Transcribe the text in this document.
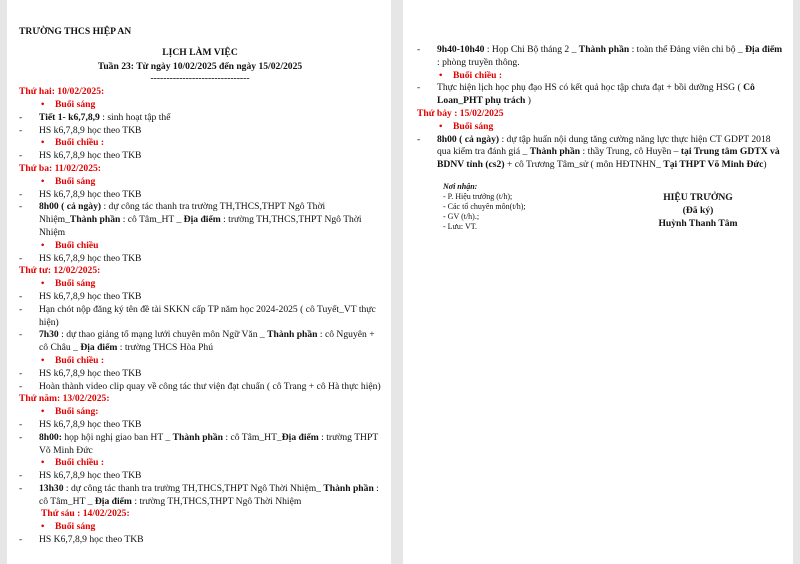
TRƯỜNG THCS HIỆP AN
LỊCH LÀM VIỆC
Tuần 23: Từ ngày 10/02/2025 đến ngày 15/02/2025
-------------------------------
Thứ hai: 10/02/2025:
• Buổi sáng
- Tiết 1- k6,7,8,9 : sinh hoạt tập thể
- HS k6,7,8,9 học theo TKB
• Buổi chiều :
- HS k6,7,8,9 học theo TKB
Thứ ba: 11/02/2025:
• Buổi sáng
- HS k6,7,8,9 học theo TKB
- 8h00 ( cả ngày) : dự công tác thanh tra trường TH,THCS,THPT Ngô Thời Nhiệm_Thành phần : cô Tâm_HT _ Địa điểm : trường TH,THCS,THPT Ngô Thời Nhiệm
• Buổi chiều
- HS k6,7,8,9 học theo TKB
Thứ tư: 12/02/2025:
• Buổi sáng
- HS k6,7,8,9 học theo TKB
- Hạn chót nộp đăng ký tên đề tài SKKN cấp TP năm học 2024-2025 ( cô Tuyết_VT thực hiện)
- 7h30 : dự thao giảng tổ mạng lưới chuyên môn Ngữ Văn _ Thành phần : cô Nguyên + cô Châu _ Địa điểm : trường THCS Hòa Phú
• Buổi chiều :
- HS k6,7,8,9 học theo TKB
- Hoàn thành video clip quay về công tác thư viện đạt chuẩn ( cô Trang + cô Hà thực hiện)
Thứ năm: 13/02/2025:
• Buổi sáng:
- HS k6,7,8,9 học theo TKB
- 8h00: họp hội nghị giao ban HT _ Thành phần : cô Tâm_HT_Địa điểm : trường THPT Võ Minh Đức
• Buổi chiều :
- HS k6,7,8,9 học theo TKB
- 13h30 : dự công tác thanh tra trường TH,THCS,THPT Ngô Thời Nhiệm_ Thành phần : cô Tâm_HT _ Địa điểm : trường TH,THCS,THPT Ngô Thời Nhiệm
Thứ sáu : 14/02/2025:
• Buổi sáng
- HS K6,7,8,9 học theo TKB
- 9h40-10h40 : Họp Chi Bộ tháng 2 _ Thành phần : toàn thể Đảng viên chi bộ _ Địa điểm : phòng truyền thông.
• Buổi chiều :
- Thực hiện lịch học phụ đạo HS có kết quả học tập chưa đạt + bồi dưỡng HSG ( Cô Loan_PHT phụ trách )
Thứ bảy : 15/02/2025
• Buổi sáng
- 8h00 ( cả ngày) : dự tập huấn nội dung tăng cường năng lực thực hiện CT GDPT 2018 qua kiểm tra đánh giá _ Thành phần : thầy Trung, cô Huyền – tại Trung tâm GDTX và BDNV tỉnh (cs2) + cô Trương Tâm_sử ( môn HĐTNHN_ Tại THPT Võ Minh Đức)
Nơi nhận:
- P. Hiệu trưởng (t/h);
- Các tổ chuyên môn(t/h);
- GV (t/h).;
- Lưu: VT.
HIỆU TRƯỞNG
(Đã ký)
Huỳnh Thanh Tâm
